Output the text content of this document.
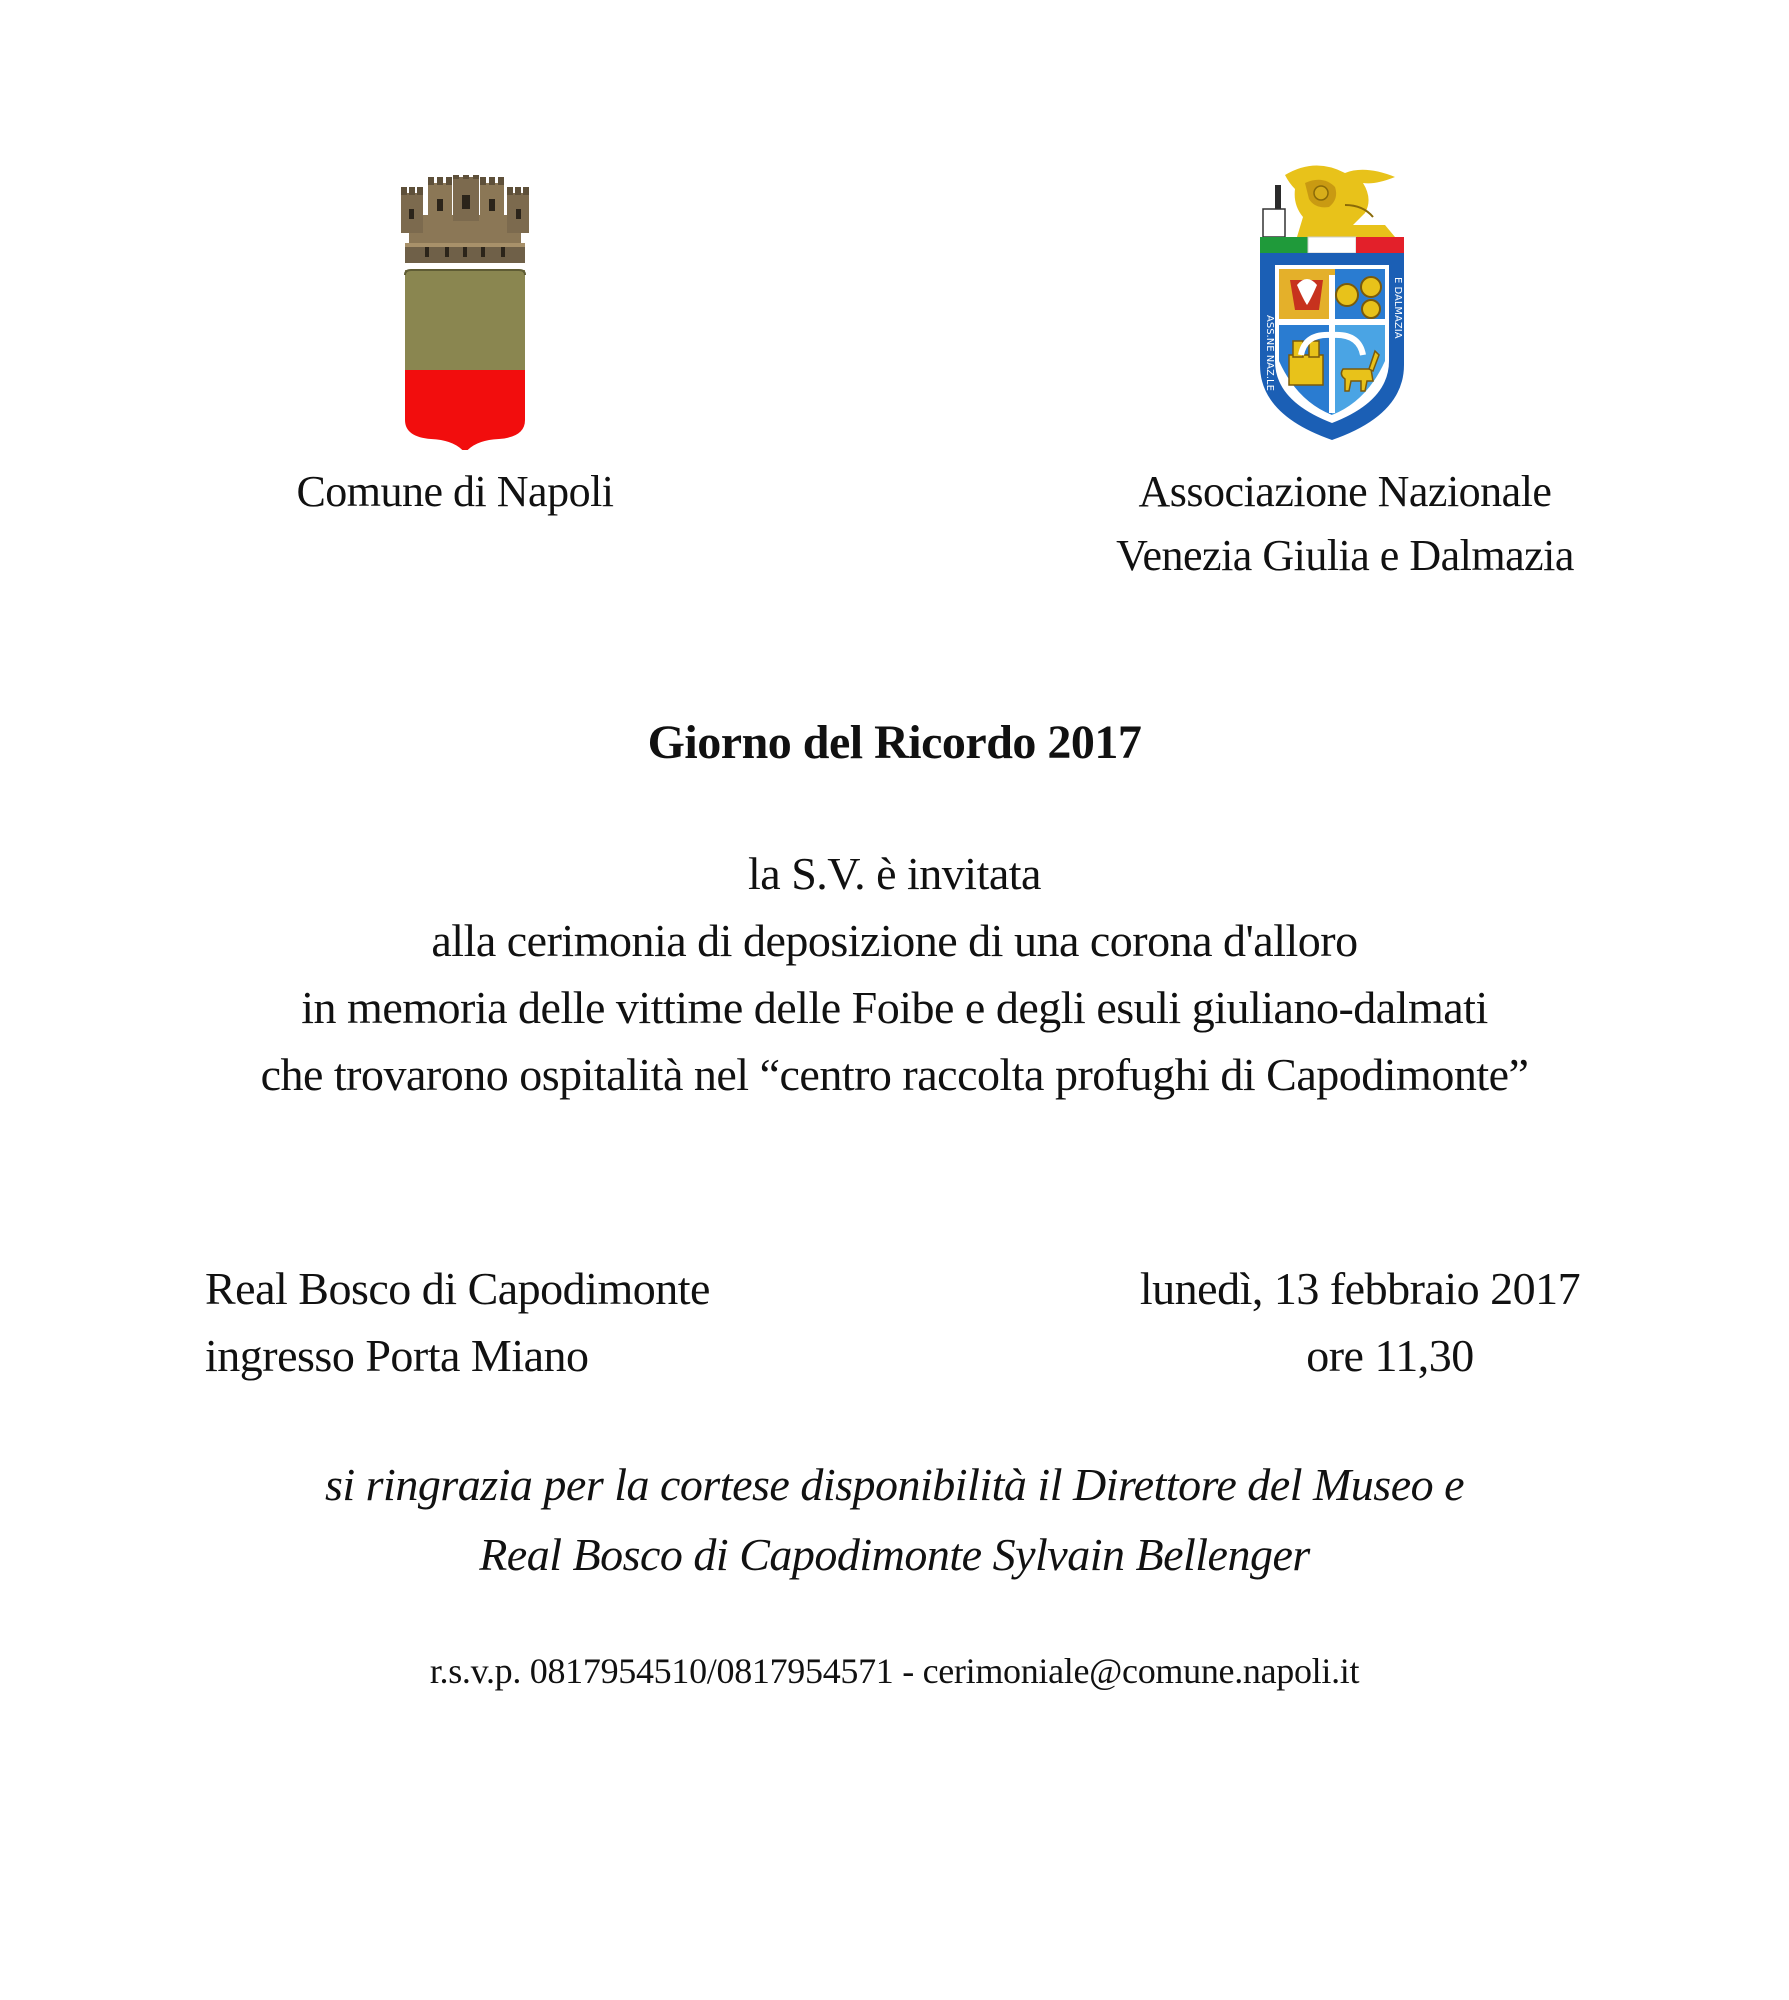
ASS.NE NAZ.LE
E DALMAZIA
Comune di Napoli	Associazione Nazionale
Venezia Giulia e Dalmazia
Giorno del Ricordo 2017
la S.V. è invitata
alla cerimonia di deposizione di una corona d'alloro
in memoria delle vittime delle Foibe e degli esuli giuliano-dalmati
che trovarono ospitalità nel “centro raccolta profughi di Capodimonte”
Real Bosco di Capodimonte
ingresso Porta Miano
lunedì, 13 febbraio 2017
ore 11,30
si ringrazia per la cortese disponibilità il Direttore del Museo e
Real Bosco di Capodimonte Sylvain Bellenger
r.s.v.p. 0817954510/0817954571 - cerimoniale@comune.napoli.it
